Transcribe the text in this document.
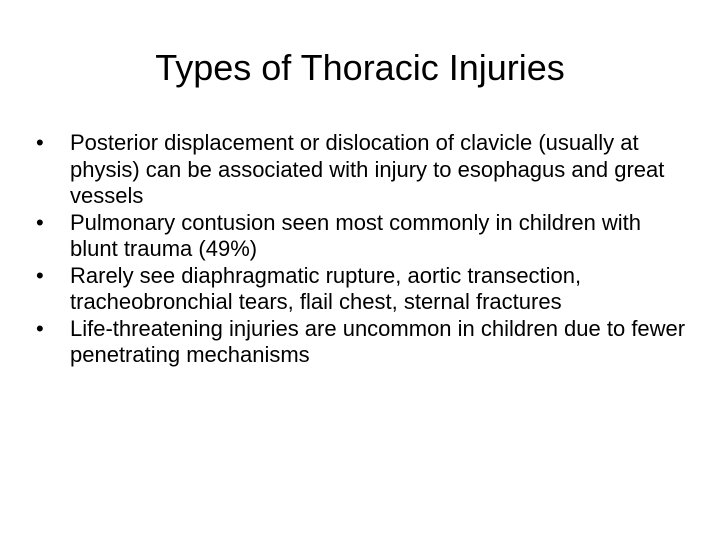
Types of Thoracic Injuries
•	Posterior displacement or dislocation of clavicle (usually at physis) can be associated with injury to esophagus and great vessels
•	Pulmonary contusion seen most commonly in children with blunt trauma (49%)
•	Rarely see diaphragmatic rupture, aortic transection, tracheobronchial tears, flail chest, sternal fractures
•	Life-threatening injuries are uncommon in children due to fewer penetrating mechanisms
